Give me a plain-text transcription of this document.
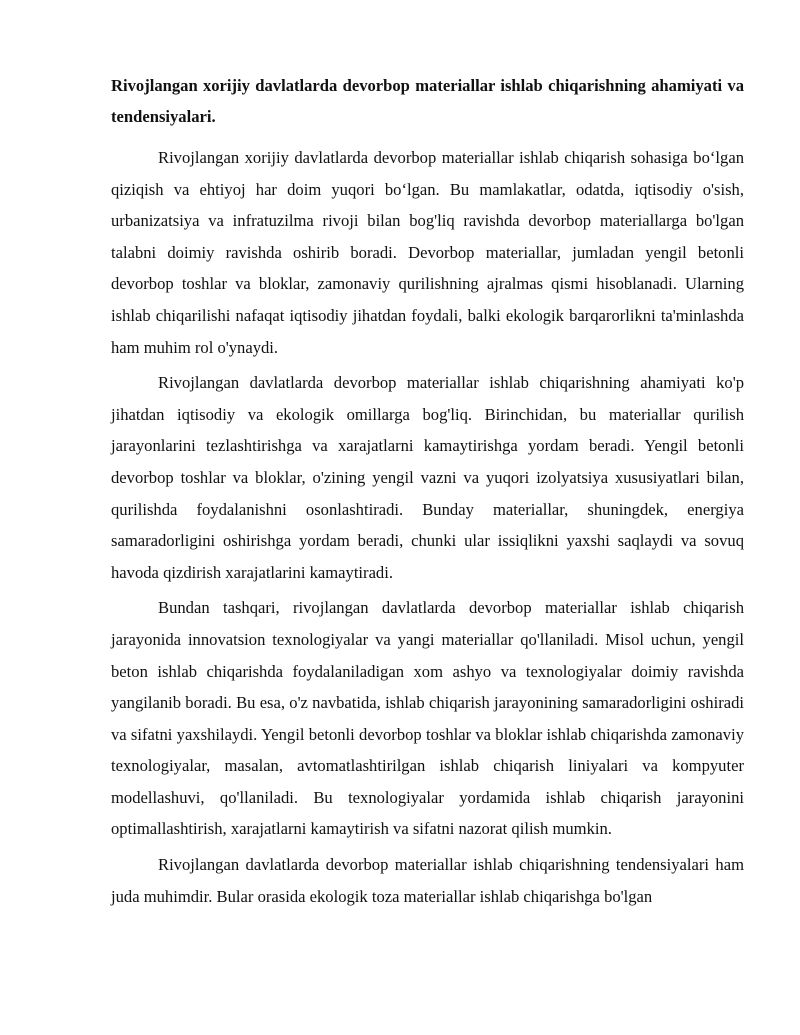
Rivojlangan xorijiy davlatlarda devorbop materiallar ishlab chiqarishning ahamiyati va tendensiyalari.

Rivojlangan xorijiy davlatlarda devorbop materiallar ishlab chiqarish sohasiga bo‘lgan qiziqish va ehtiyoj har doim yuqori bo‘lgan. Bu mamlakatlar, odatda, iqtisodiy o'sish, urbanizatsiya va infratuzilma rivoji bilan bog'liq ravishda devorbop materiallarga bo'lgan talabni doimiy ravishda oshirib boradi. Devorbop materiallar, jumladan yengil betonli devorbop toshlar va bloklar, zamonaviy qurilishning ajralmas qismi hisoblanadi. Ularning ishlab chiqarilishi nafaqat iqtisodiy jihatdan foydali, balki ekologik barqarorlikni ta'minlashda ham muhim rol o'ynaydi.

Rivojlangan davlatlarda devorbop materiallar ishlab chiqarishning ahamiyati ko'p jihatdan iqtisodiy va ekologik omillarga bog'liq. Birinchidan, bu materiallar qurilish jarayonlarini tezlashtirishga va xarajatlarni kamaytirishga yordam beradi. Yengil betonli devorbop toshlar va bloklar, o'zining yengil vazni va yuqori izolyatsiya xususiyatlari bilan, qurilishda foydalanishni osonlashtiradi. Bunday materiallar, shuningdek, energiya samaradorligini oshirishga yordam beradi, chunki ular issiqlikni yaxshi saqlaydi va sovuq havoda qizdirish xarajatlarini kamaytiradi.

Bundan tashqari, rivojlangan davlatlarda devorbop materiallar ishlab chiqarish jarayonida innovatsion texnologiyalar va yangi materiallar qo'llaniladi. Misol uchun, yengil beton ishlab chiqarishda foydalaniladigan xom ashyo va texnologiyalar doimiy ravishda yangilanib boradi. Bu esa, o'z navbatida, ishlab chiqarish jarayonining samaradorligini oshiradi va sifatni yaxshilaydi. Yengil betonli devorbop toshlar va bloklar ishlab chiqarishda zamonaviy texnologiyalar, masalan, avtomatlashtirilgan ishlab chiqarish liniyalari va kompyuter modellashuvi, qo'llaniladi. Bu texnologiyalar yordamida ishlab chiqarish jarayonini optimallashtirish, xarajatlarni kamaytirish va sifatni nazorat qilish mumkin.

Rivojlangan davlatlarda devorbop materiallar ishlab chiqarishning tendensiyalari ham juda muhimdir. Bular orasida ekologik toza materiallar ishlab chiqarishga bo'lgan
